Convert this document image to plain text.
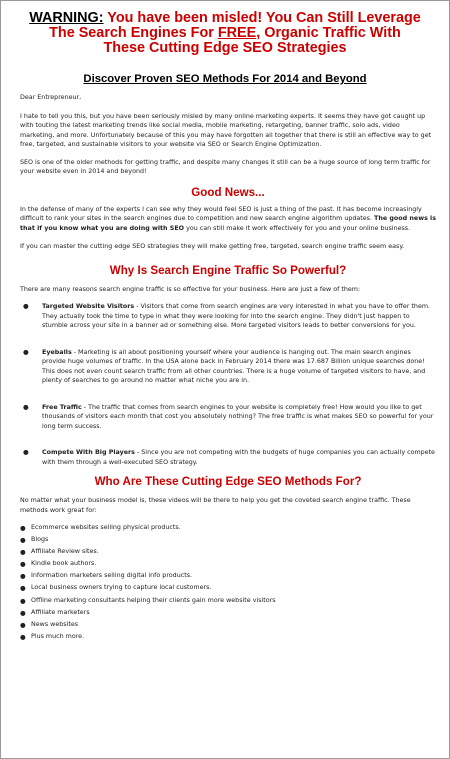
WARNING: You have been misled! You Can Still Leverage
The Search Engines For FREE, Organic Traffic With
These Cutting Edge SEO Strategies
Discover Proven SEO Methods For 2014 and Beyond

Dear Entrepreneur,

I hate to tell you this, but you have been seriously misled by many online marketing experts. It seems they have got caught up with touting the latest marketing trends like social media, mobile marketing, retargeting, banner traffic, solo ads, video marketing, and more. Unfortunately because of this you may have forgotten all together that there is still an effective way to get free, targeted, and sustainable visitors to your website via SEO or Search Engine Optimization.

SEO is one of the older methods for getting traffic, and despite many changes it still can be a huge source of long term traffic for your website even in 2014 and beyond!

Good News...

In the defense of many of the experts I can see why they would feel SEO is just a thing of the past. It has become increasingly difficult to rank your sites in the search engines due to competition and new search engine algorithm updates. The good news is that if you know what you are doing with SEO you can still make it work effectively for you and your online business.

If you can master the cutting edge SEO strategies they will make getting free, targeted, search engine traffic seem easy.

Why Is Search Engine Traffic So Powerful?

There are many reasons search engine traffic is so effective for your business. Here are just a few of them:

● Targeted Website Visitors - Visitors that come from search engines are very interested in what you have to offer them. They actually took the time to type in what they were looking for into the search engine. They didn't just happen to stumble across your site in a banner ad or something else. More targeted visitors leads to better conversions for you.
● Eyeballs - Marketing is all about positioning yourself where your audience is hanging out. The main search engines provide huge volumes of traffic. In the USA alone back in February 2014 there was 17.687 Billion unique searches done! This does not even count search traffic from all other countries. There is a huge volume of targeted visitors to have, and plenty of searches to go around no matter what niche you are in.
● Free Traffic - The traffic that comes from search engines to your website is completely free! How would you like to get thousands of visitors each month that cost you absolutely nothing? The free traffic is what makes SEO so powerful for your long term success.
● Compete With Big Players - Since you are not competing with the budgets of huge companies you can actually compete with them through a well-executed SEO strategy.
Who Are These Cutting Edge SEO Methods For?

No matter what your business model is, these videos will be there to help you get the coveted search engine traffic. These methods work great for:

● Ecommerce websites selling physical products.
● Blogs
● Affiliate Review sites.
● Kindle book authors.
● Information marketers selling digital info products.
● Local business owners trying to capture local customers.
● Offline marketing consultants helping their clients gain more website visitors
● Affiliate marketers
● News websites
● Plus much more.
